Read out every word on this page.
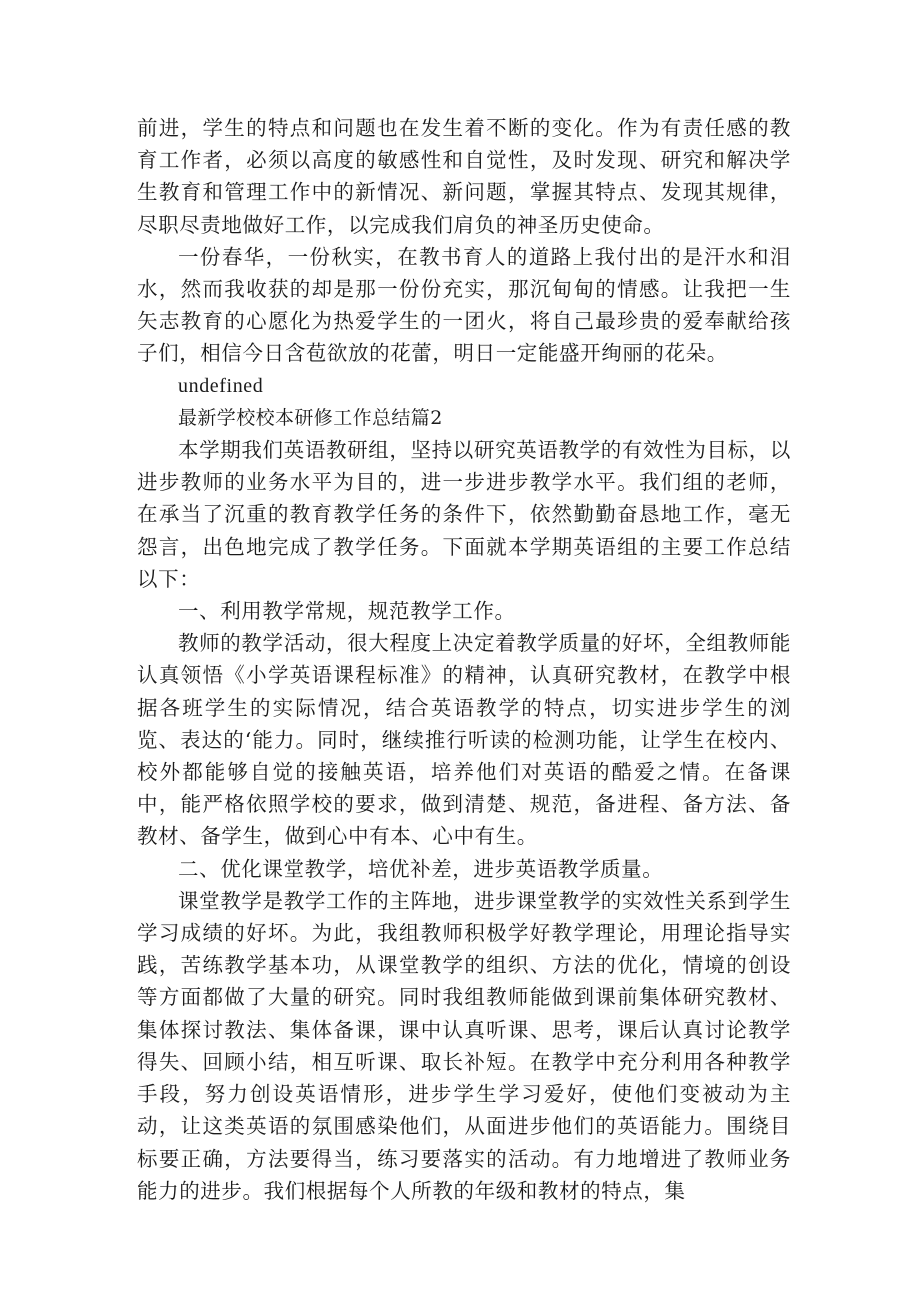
前进，学生的特点和问题也在发生着不断的变化。作为有责任感的教育工作者，必须以高度的敏感性和自觉性，及时发现、研究和解决学生教育和管理工作中的新情况、新问题，掌握其特点、发现其规律，尽职尽责地做好工作，以完成我们肩负的神圣历史使命。

一份春华，一份秋实，在教书育人的道路上我付出的是汗水和泪水，然而我收获的却是那一份份充实，那沉甸甸的情感。让我把一生矢志教育的心愿化为热爱学生的一团火，将自己最珍贵的爱奉献给孩子们，相信今日含苞欲放的花蕾，明日一定能盛开绚丽的花朵。

undefined

最新学校校本研修工作总结篇2

本学期我们英语教研组，坚持以研究英语教学的有效性为目标，以进步教师的业务水平为目的，进一步进步教学水平。我们组的老师，在承当了沉重的教育教学任务的条件下，依然勤勤奋恳地工作，毫无怨言，出色地完成了教学任务。下面就本学期英语组的主要工作总结以下：

一、利用教学常规，规范教学工作。

教师的教学活动，很大程度上决定着教学质量的好坏，全组教师能认真领悟《小学英语课程标准》的精神，认真研究教材，在教学中根据各班学生的实际情况，结合英语教学的特点，切实进步学生的浏览、表达的‘能力。同时，继续推行听读的检测功能，让学生在校内、校外都能够自觉的接触英语，培养他们对英语的酷爱之情。在备课中，能严格依照学校的要求，做到清楚、规范，备进程、备方法、备教材、备学生，做到心中有本、心中有生。

二、优化课堂教学，培优补差，进步英语教学质量。

课堂教学是教学工作的主阵地，进步课堂教学的实效性关系到学生学习成绩的好坏。为此，我组教师积极学好教学理论，用理论指导实践，苦练教学基本功，从课堂教学的组织、方法的优化，情境的创设等方面都做了大量的研究。同时我组教师能做到课前集体研究教材、集体探讨教法、集体备课，课中认真听课、思考，课后认真讨论教学得失、回顾小结，相互听课、取长补短。在教学中充分利用各种教学手段，努力创设英语情形，进步学生学习爱好，使他们变被动为主动，让这类英语的氛围感染他们，从面进步他们的英语能力。围绕目标要正确，方法要得当，练习要落实的活动。有力地增进了教师业务能力的进步。我们根据每个人所教的年级和教材的特点，集
